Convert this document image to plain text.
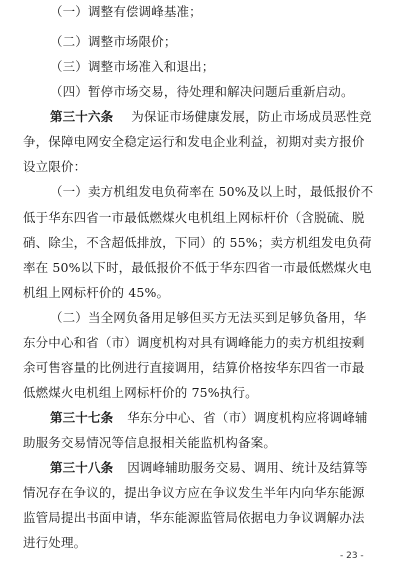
（一）调整有偿调峰基准；
（二）调整市场限价；
（三）调整市场准入和退出；
（四）暂停市场交易，待处理和解决问题后重新启动。
第三十六条 为保证市场健康发展，防止市场成员恶性竞
争，保障电网安全稳定运行和发电企业利益，初期对卖方报价
设立限价：
（一）卖方机组发电负荷率在 50%及以上时，最低报价不
低于华东四省一市最低燃煤火电机组上网标杆价（含脱硫、脱
硝、除尘，不含超低排放，下同）的 55%；卖方机组发电负荷
率在 50%以下时，最低报价不低于华东四省一市最低燃煤火电
机组上网标杆价的 45%。
（二）当全网负备用足够但买方无法买到足够负备用，华
东分中心和省（市）调度机构对具有调峰能力的卖方机组按剩
余可售容量的比例进行直接调用，结算价格按华东四省一市最
低燃煤火电机组上网标杆价的 75%执行。
第三十七条 华东分中心、省（市）调度机构应将调峰辅
助服务交易情况等信息报相关能监机构备案。
第三十八条 因调峰辅助服务交易、调用、统计及结算等
情况存在争议的，提出争议方应在争议发生半年内向华东能源
监管局提出书面申请，华东能源监管局依据电力争议调解办法
进行处理。
- 23 -
